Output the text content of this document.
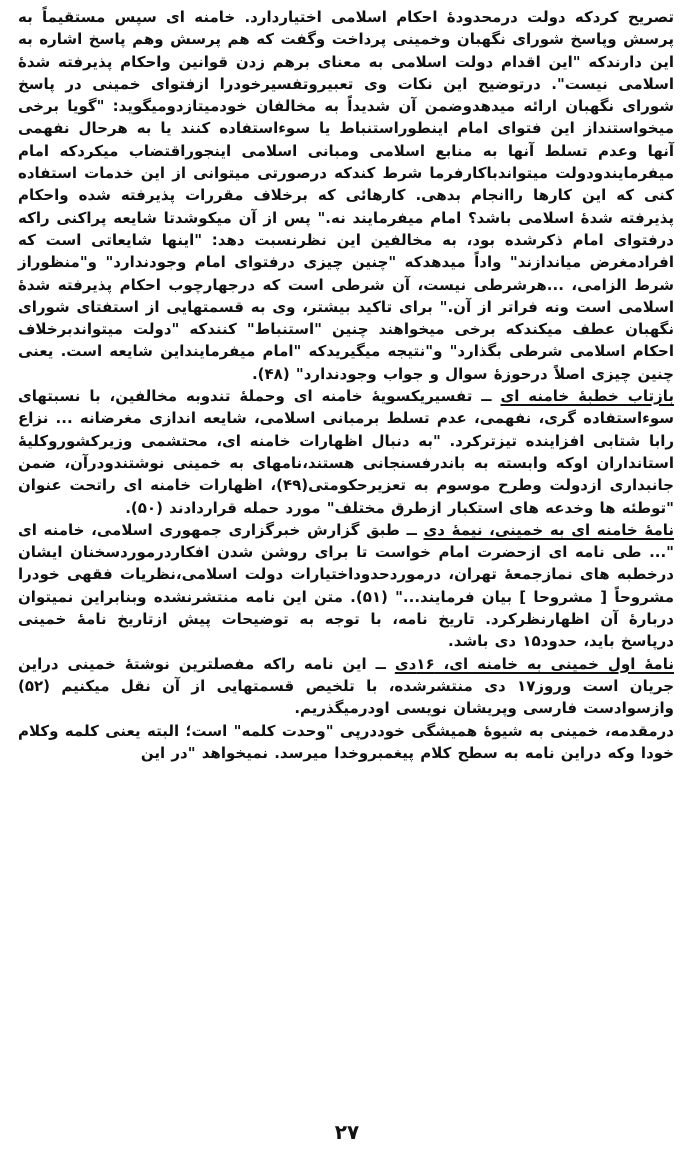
تصریح کردکه دولت درمحدودهٔ احکام اسلامی اختیاردارد. خامنه ای سپس مستقیماً به پرسش وپاسخ شورای نگهبان وخمینی پرداخت وگفت که هم پرسش وهم پاسخ اشاره به این دارندکه "این اقدام دولت اسلامی به معنای برهم زدن قوانین واحکام پذیرفته شدهٔ اسلامی نیست". درتوضیح این نکات وی تعبیروتفسیرخودرا ازفتوای خمینی در پاسخ شورای نگهبان ارائه میدهدوضمن آن شدیداً به مخالفان خودمیتازدومیگوید: "گویا برخی میخواستنداز این فتوای امام اینطوراستنباط یا سوءاستفاده کنند یا به هرحال نفهمی آنها وعدم تسلط آنها به منابع اسلامی ومبانی اسلامی اینجوراقتضاب میکردکه امام میفرمایندودولت میتواندباکارفرما شرط کندکه درصورتی میتوانی از این خدمات استفاده کنی که این کارها راانجام بدهی. کارهائی که برخلاف مقررات پذیرفته شده واحکام پذیرفته شدهٔ اسلامی باشد؟ امام میفرمایند نه." پس از آن میکوشدتا شایعه پراکنی راکه درفتوای امام ذکرشده بود، به مخالفین این نظرنسبت دهد: "اینها شایعاتی است که افرادمغرض میاندازند" واداً میدهدکه "چنین چیزی درفتوای امام وجودندارد" و"منظوراز شرط الزامی، ...هرشرطی نیست، آن شرطی است که درجهارچوب احکام پذیرفته شدهٔ اسلامی است ونه فراتر از آن." برای تاکید بیشتر، وی به قسمتهایی از استفتای شورای نگهبان عطف میکندکه برخی میخواهند چنین "استنباط" کنندکه "دولت میتواندبرخلاف احکام اسلامی شرطی بگذارد" و"نتیجه میگیریدکه "امام میفرماینداین شایعه است. یعنی چنین چیزی اصلاً درحوزهٔ سوال و جواب وجودندارد" (۴۸).

بازتاب خطبهٔ خامنه ای ــ تفسیریکسویهٔ خامنه ای وحملهٔ تندوبه مخالفین، با نسبتهای سوءاستفاده گری، نفهمی، عدم تسلط برمبانی اسلامی، شایعه اندازی مغرضانه ... نزاع رابا شتابی افزاینده تیزترکرد. "به دنبال اظهارات خامنه ای، محتشمی وزیرکشوروکلیهٔ استانداران اوکه وابسته به باندرفسنجانی هستند،نامهای به خمینی نوشتندودرآن، ضمن جانبداری ازدولت وطرح موسوم به تعزیرحکومتی(۴۹)، اظهارات خامنه ای راتحت عنوان "توطئه ها وخدعه های استکبار ازطرق مختلف" مورد حمله قراردادند (۵۰).

نامهٔ خامنه ای به خمینی، نیمهٔ دی ــ طبق گزارش خبرگزاری جمهوری اسلامی، خامنه ای "... طی نامه ای ازحضرت امام خواست تا برای روشن شدن افکاردرموردسخنان ایشان درخطبه های نمازجمعهٔ تهران، درموردحدوداختیارات دولت اسلامی،نظریات فقهی خودرا مشروحاً [ مشروحا ] بیان فرمایند..." (۵۱). متن این نامه منتشرنشده وبنابراین نمیتوان دربارهٔ آن اظهارنظرکرد. تاریخ نامه، با توجه به توضیحات پیش ازتاریخ نامهٔ خمینی درپاسخ باید، حدود۱۵ دی باشد.

نامهٔ اول خمینی به خامنه ای، ۱۶دی ــ این نامه راکه مفصلترین نوشتهٔ خمینی دراین جریان است وروز۱۷ دی منتشرشده، با تلخیص قسمتهایی از آن نقل میکنیم (۵۲) وازسوادست فارسی وپریشان نویسی اودرمیگذریم.

درمقدمه، خمینی به شیوهٔ همیشگی خوددرپی "وحدت کلمه" است؛ البته یعنی کلمه وکلام خودا وکه دراین نامه به سطح کلام پیغمبروخدا میرسد. نمیخواهد "در این

۲۷
